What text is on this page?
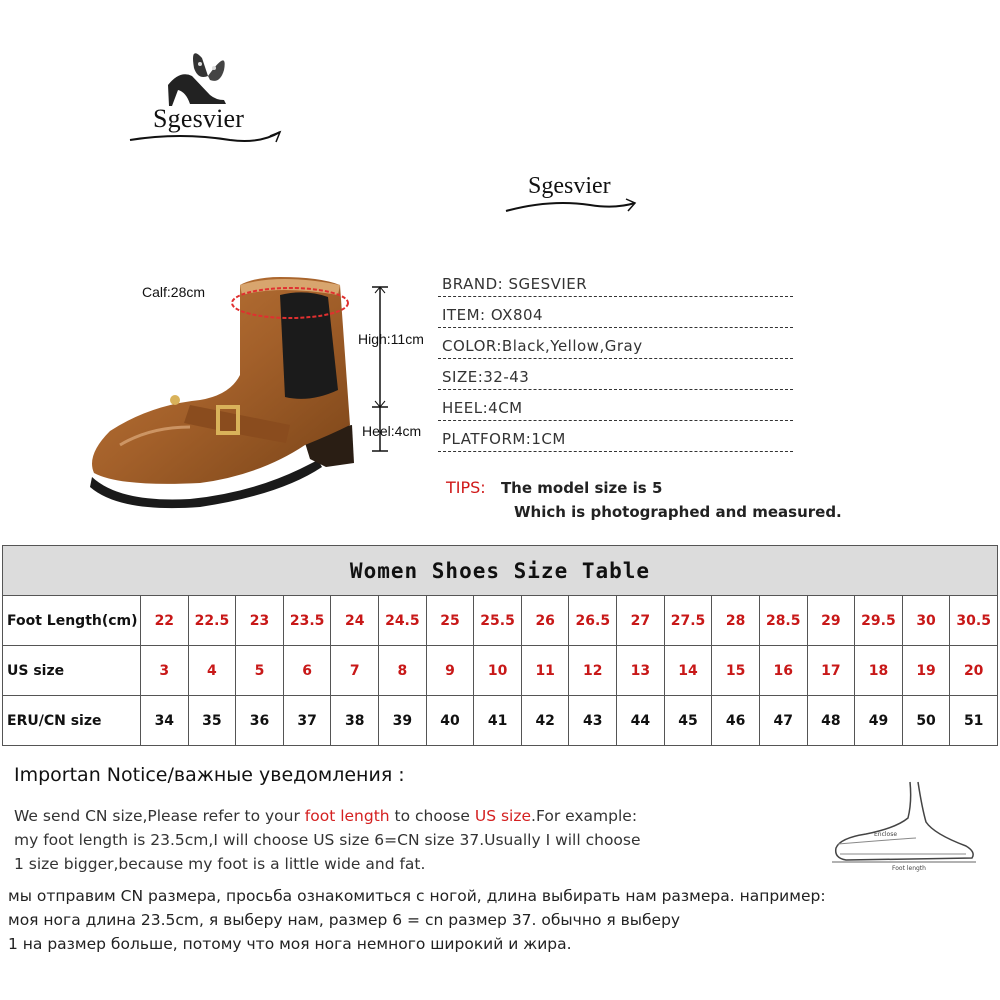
Sgesvier
Sgesvier
Calf:28cm
High:11cm
Heel:4cm
BRAND: SGESVIER
ITEM: OX804
COLOR:Black,Yellow,Gray
SIZE:32-43
HEEL:4CM
PLATFORM:1CM
TIPS: The model size is 5
Which is photographed and measured.
Women Shoes Size Table																		
Foot Length(cm)	22	22.5	23	23.5	24	24.5	25	25.5	26	26.5	27	27.5	28	28.5	29	29.5	30	30.5
US size	3	4	5	6	7	8	9	10	11	12	13	14	15	16	17	18	19	20
ERU/CN size	34	35	36	37	38	39	40	41	42	43	44	45	46	47	48	49	50	51
Importan Notice/важные уведомления :
We send CN size,Please refer to your foot length to choose US size.For example:
my foot length is 23.5cm,I will choose US size 6=CN size 37.Usually I will choose
1 size bigger,because my foot is a little wide and fat.
мы отправим CN размера, просьба ознакомиться с ногой, длина выбирать нам размера. например:
моя нога длина 23.5cm, я выберу нам, размер 6 = cn размер 37. обычно я выберу
1 на размер больше, потому что моя нога немного широкий и жира.
Enclose
Foot length
